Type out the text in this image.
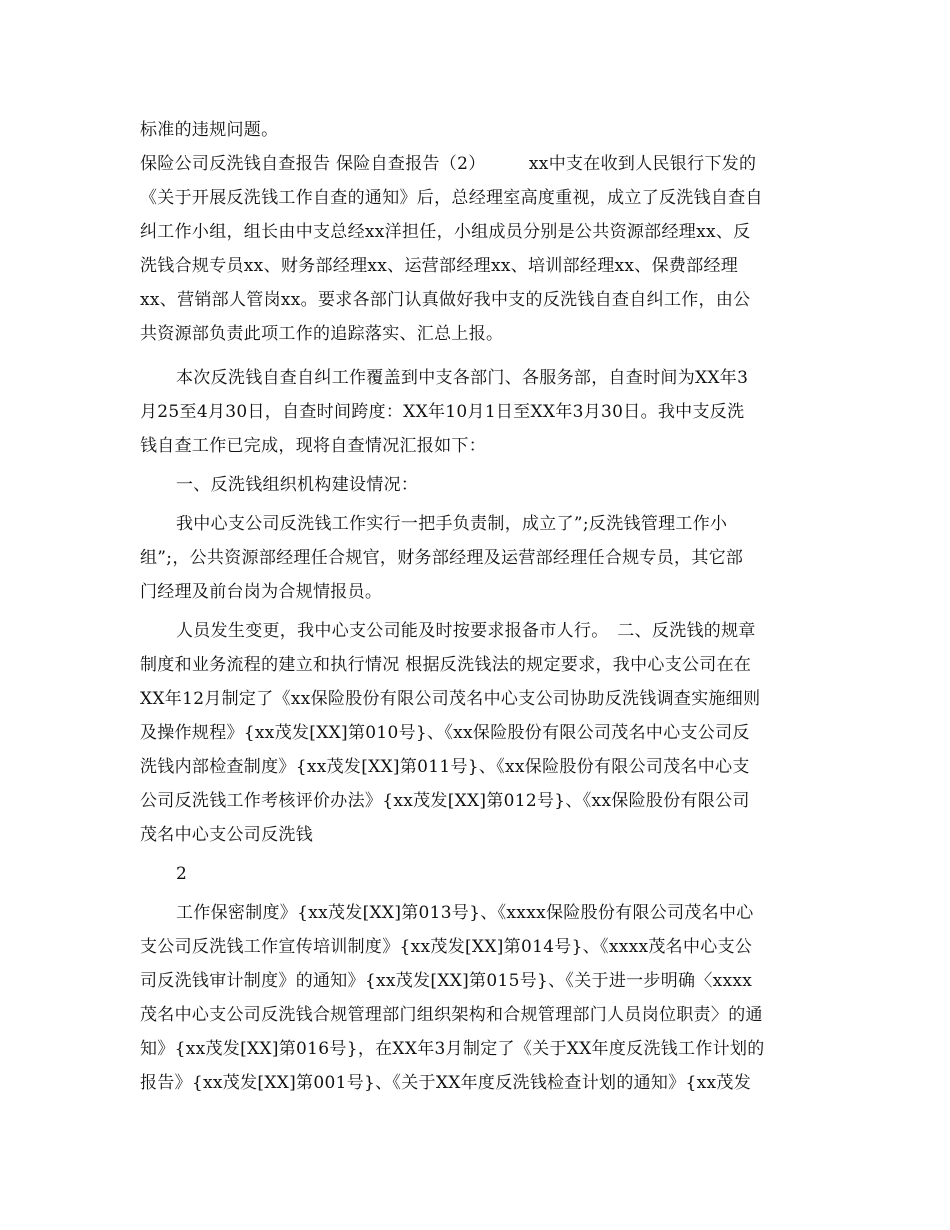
标准的违规问题。
保险公司反洗钱自查报告 保险自查报告（2）　　　xx中支在收到人民银行下发的
《关于开展反洗钱工作自查的通知》后，总经理室高度重视，成立了反洗钱自查自
纠工作小组，组长由中支总经xx洋担任，小组成员分别是公共资源部经理xx、反
洗钱合规专员xx、财务部经理xx、运营部经理xx、培训部经理xx、保费部经理
xx、营销部人管岗xx。要求各部门认真做好我中支的反洗钱自查自纠工作，由公
共资源部负责此项工作的追踪落实、汇总上报。
本次反洗钱自查自纠工作覆盖到中支各部门、各服务部，自查时间为XX年3
月25至4月30日，自查时间跨度：XX年10月1日至XX年3月30日。我中支反洗
钱自查工作已完成，现将自查情况汇报如下：
一、反洗钱组织机构建设情况：
我中心支公司反洗钱工作实行一把手负责制，成立了”;反洗钱管理工作小
组”;，公共资源部经理任合规官，财务部经理及运营部经理任合规专员，其它部
门经理及前台岗为合规情报员。
人员发生变更，我中心支公司能及时按要求报备市人行。　二、反洗钱的规章
制度和业务流程的建立和执行情况 根据反洗钱法的规定要求，我中心支公司在在
XX年12月制定了《xx保险股份有限公司茂名中心支公司协助反洗钱调查实施细则
及操作规程》{xx茂发[XX]第010号}、《xx保险股份有限公司茂名中心支公司反
洗钱内部检查制度》{xx茂发[XX]第011号}、《xx保险股份有限公司茂名中心支
公司反洗钱工作考核评价办法》{xx茂发[XX]第012号}、《xx保险股份有限公司
茂名中心支公司反洗钱
2
工作保密制度》{xx茂发[XX]第013号}、《xxxx保险股份有限公司茂名中心
支公司反洗钱工作宣传培训制度》{xx茂发[XX]第014号}、《xxxx茂名中心支公
司反洗钱审计制度》的通知》{xx茂发[XX]第015号}、《关于进一步明确〈xxxx
茂名中心支公司反洗钱合规管理部门组织架构和合规管理部门人员岗位职责〉的通
知》{xx茂发[XX]第016号}，在XX年3月制定了《关于XX年度反洗钱工作计划的
报告》{xx茂发[XX]第001号}、《关于XX年度反洗钱检查计划的通知》{xx茂发
